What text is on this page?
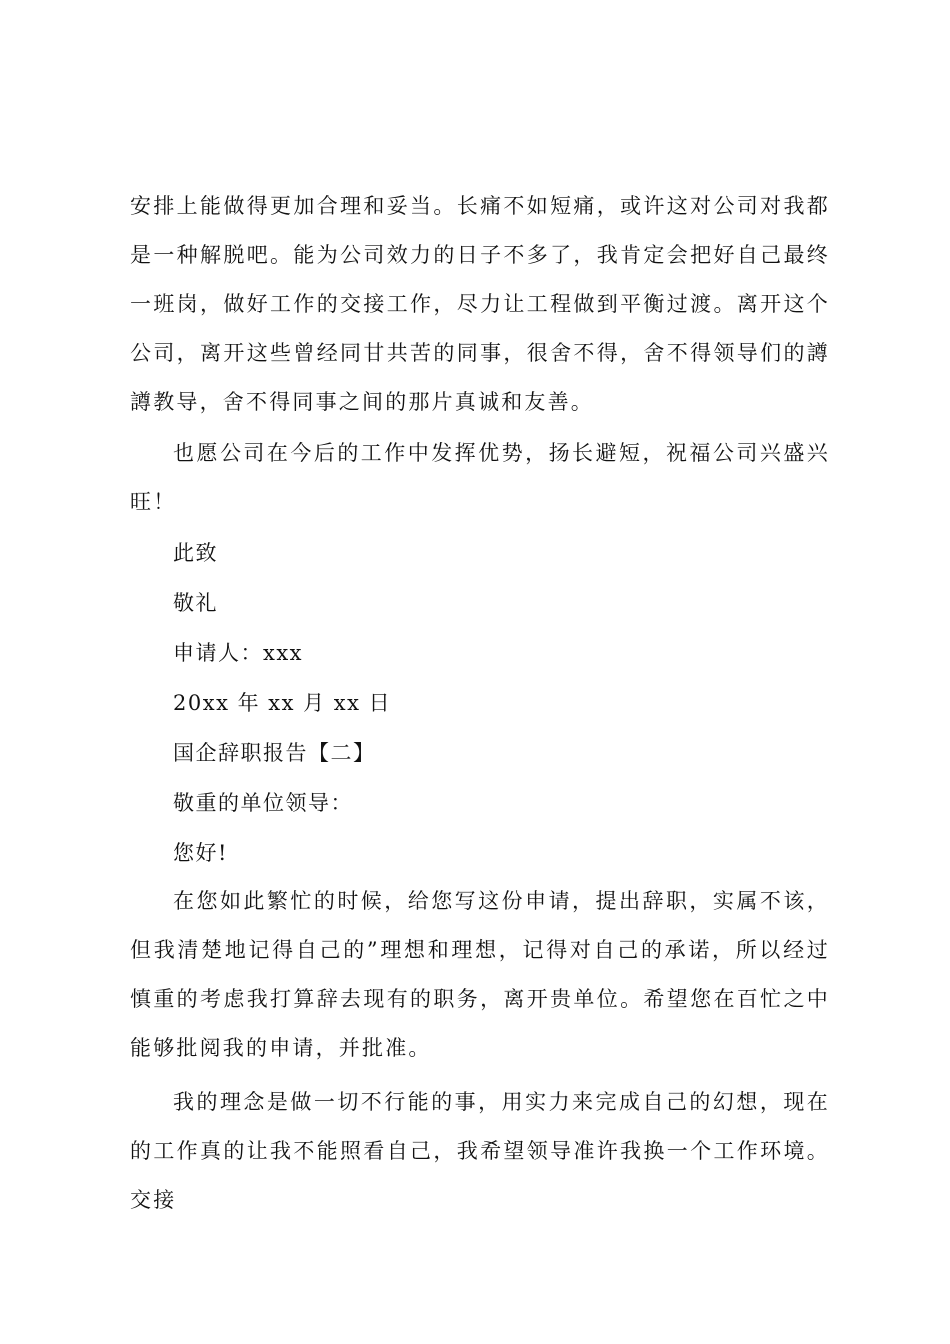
安排上能做得更加合理和妥当。长痛不如短痛，或许这对公司对我都是一种解脱吧。能为公司效力的日子不多了，我肯定会把好自己最终一班岗，做好工作的交接工作，尽力让工程做到平衡过渡。离开这个公司，离开这些曾经同甘共苦的同事，很舍不得，舍不得领导们的譐譐教导，舍不得同事之间的那片真诚和友善。
也愿公司在今后的工作中发挥优势，扬长避短，祝福公司兴盛兴旺！
此致
敬礼
申请人：xxx
20xx 年 xx 月 xx 日
国企辞职报告【二】
敬重的单位领导：
您好!
在您如此繁忙的时候，给您写这份申请，提出辞职，实属不该，但我清楚地记得自己的”理想和理想，记得对自己的承诺，所以经过慎重的考虑我打算辞去现有的职务，离开贵单位。希望您在百忙之中能够批阅我的申请，并批准。
我的理念是做一切不行能的事，用实力来完成自己的幻想，现在的工作真的让我不能照看自己，我希望领导准许我换一个工作环境。交接
